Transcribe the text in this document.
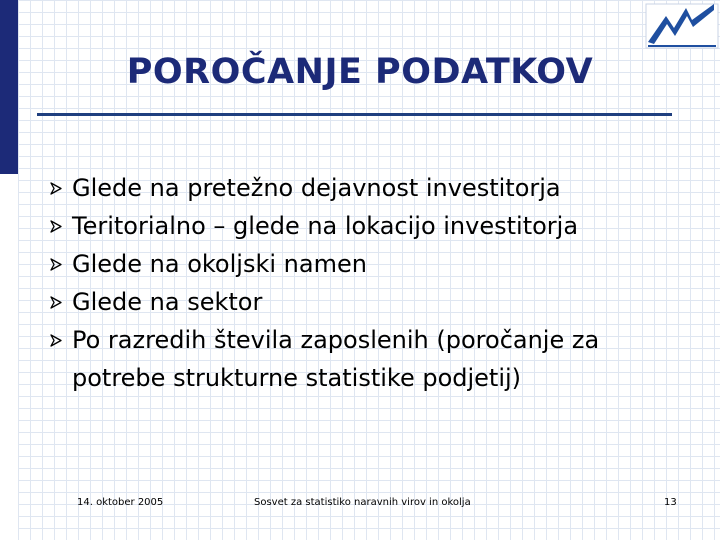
POROČANJE PODATKOV
Glede na pretežno dejavnost investitorja
Teritorialno – glede na lokacijo investitorja
Glede na okoljski namen
Glede na sektor
Po razredih števila zaposlenih (poročanje za potrebe strukturne statistike podjetij)
14. oktober 2005	Sosvet za statistiko naravnih virov in okolja	13
